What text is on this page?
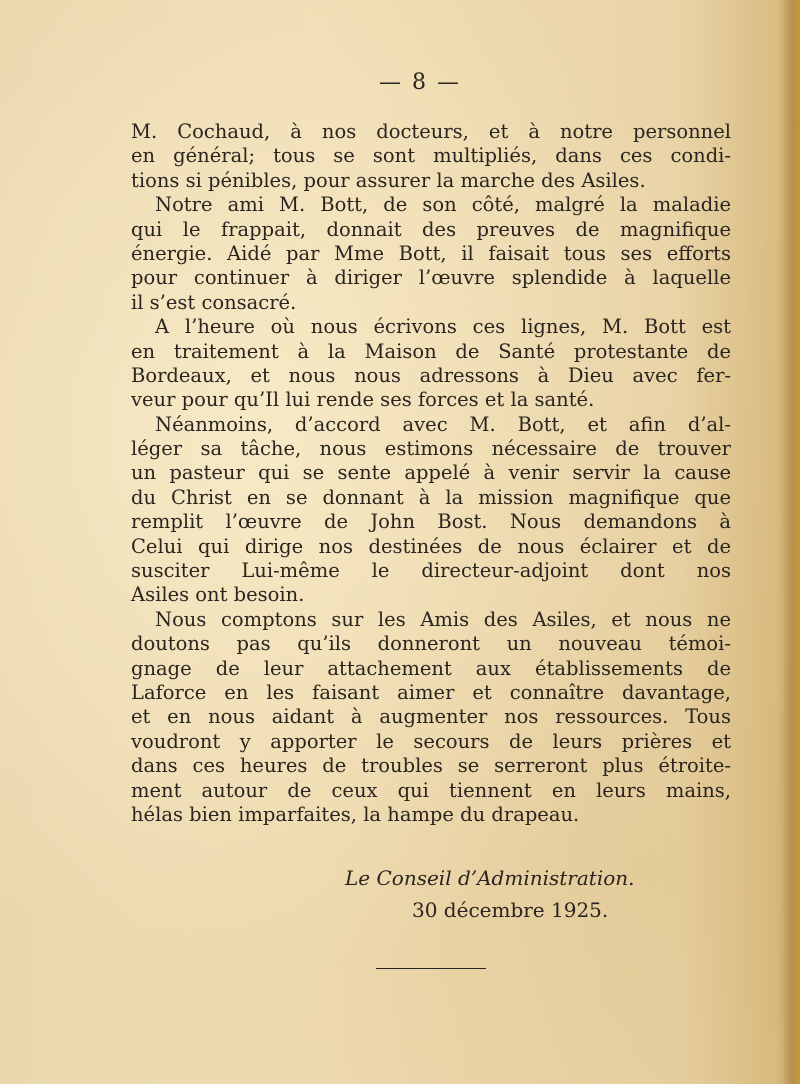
— 8 —
M. Cochaud, à nos docteurs, et à notre personnel
en général; tous se sont multipliés, dans ces condi-
tions si pénibles, pour assurer la marche des Asiles.
Notre ami M. Bott, de son côté, malgré la maladie
qui le frappait, donnait des preuves de magnifique
énergie. Aidé par Mme Bott, il faisait tous ses efforts
pour continuer à diriger l’œuvre splendide à laquelle
il s’est consacré.
A l’heure où nous écrivons ces lignes, M. Bott est
en traitement à la Maison de Santé protestante de
Bordeaux, et nous nous adressons à Dieu avec fer-
veur pour qu’Il lui rende ses forces et la santé.
Néanmoins, d’accord avec M. Bott, et afin d’al-
léger sa tâche, nous estimons nécessaire de trouver
un pasteur qui se sente appelé à venir servir la cause
du Christ en se donnant à la mission magnifique que
remplit l’œuvre de John Bost. Nous demandons à
Celui qui dirige nos destinées de nous éclairer et de
susciter Lui-même le directeur-adjoint dont nos
Asiles ont besoin.
Nous comptons sur les Amis des Asiles, et nous ne
doutons pas qu’ils donneront un nouveau témoi-
gnage de leur attachement aux établissements de
Laforce en les faisant aimer et connaître davantage,
et en nous aidant à augmenter nos ressources. Tous
voudront y apporter le secours de leurs prières et
dans ces heures de troubles se serreront plus étroite-
ment autour de ceux qui tiennent en leurs mains,
hélas bien imparfaites, la hampe du drapeau.
Le Conseil d’Administration.
30 décembre 1925.
